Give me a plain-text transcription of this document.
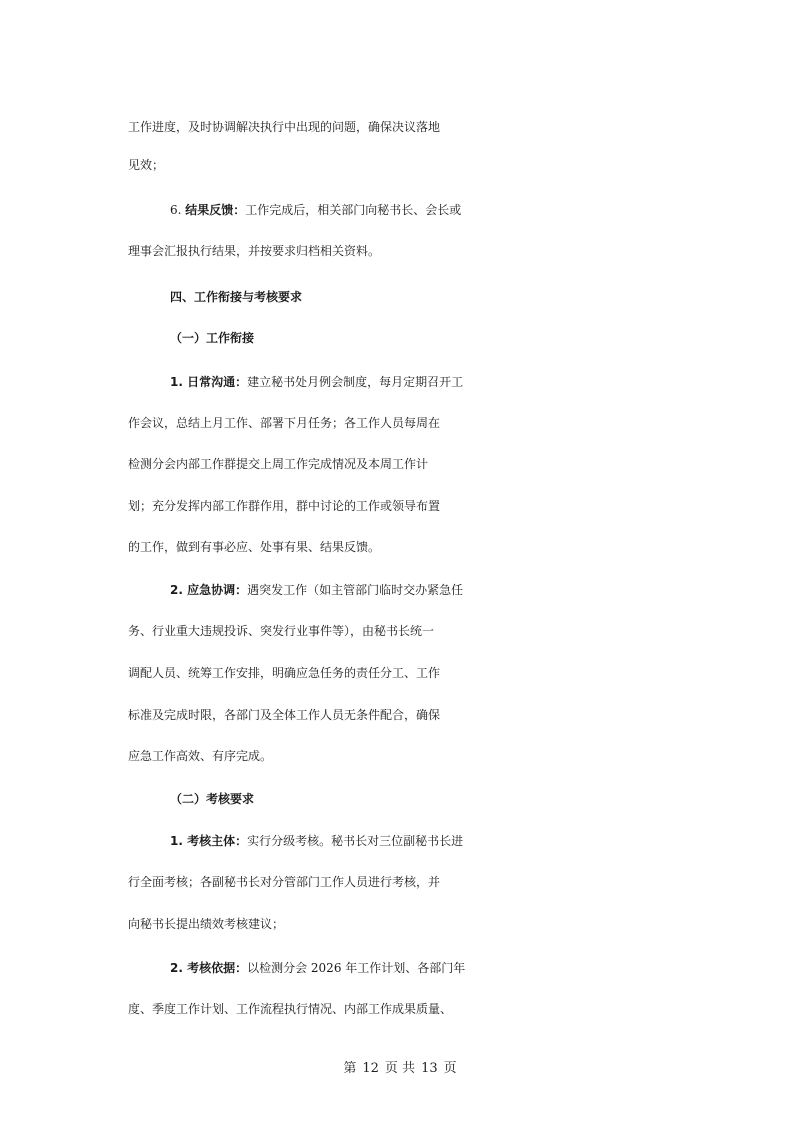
工作进度，及时协调解决执行中出现的问题，确保决议落地
见效；
6. 结果反馈：工作完成后，相关部门向秘书长、会长或
理事会汇报执行结果，并按要求归档相关资料。
四、工作衔接与考核要求
（一）工作衔接
1. 日常沟通：建立秘书处月例会制度，每月定期召开工
作会议，总结上月工作、部署下月任务；各工作人员每周在
检测分会内部工作群提交上周工作完成情况及本周工作计
划；充分发挥内部工作群作用，群中讨论的工作或领导布置
的工作，做到有事必应、处事有果、结果反馈。
2. 应急协调：遇突发工作（如主管部门临时交办紧急任
务、行业重大违规投诉、突发行业事件等），由秘书长统一
调配人员、统筹工作安排，明确应急任务的责任分工、工作
标准及完成时限，各部门及全体工作人员无条件配合，确保
应急工作高效、有序完成。
（二）考核要求
1. 考核主体：实行分级考核。秘书长对三位副秘书长进
行全面考核；各副秘书长对分管部门工作人员进行考核，并
向秘书长提出绩效考核建议；
2. 考核依据：以检测分会 2026 年工作计划、各部门年
度、季度工作计划、工作流程执行情况、内部工作成果质量、
第 12 页 共 13 页
